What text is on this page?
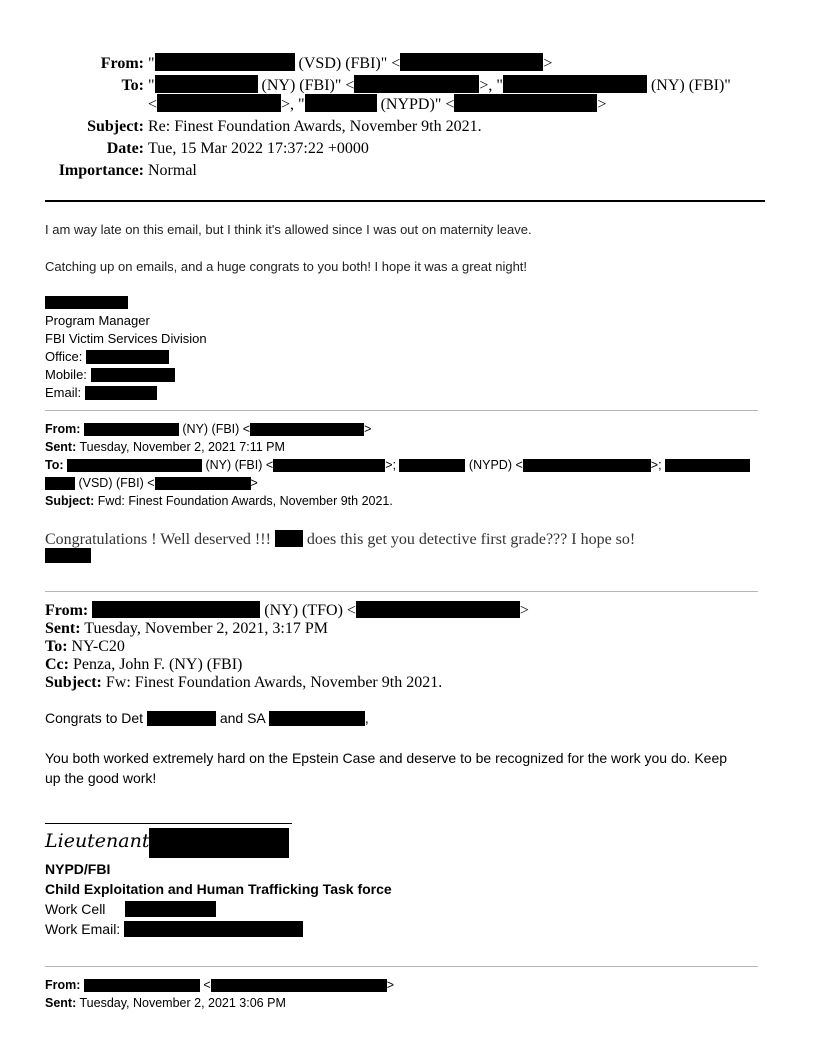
From: "	(VSD) (FBI)" <	>
To: "	(NY) (FBI)" <	>, "	(NY) (FBI)"
<	>, "	(NYPD)" <	>
Subject: Re: Finest Foundation Awards, November 9th 2021.
Date: Tue, 15 Mar 2022 17:37:22 +0000
Importance: Normal
I am way late on this email, but I think it's allowed since I was out on maternity leave.
Catching up on emails, and a huge congrats to you both! I hope it was a great night!
Program Manager
FBI Victim Services Division
Office:
Mobile:
Email:
From:	(NY) (FBI) <	>
Sent: Tuesday, November 2, 2021 7:11 PM
To:	(NY) (FBI) <	>;	(NYPD) <	>;
(VSD) (FBI) <	>
Subject: Fwd: Finest Foundation Awards, November 9th 2021.
Congratulations ! Well deserved !!! does this get you detective first grade??? I hope so!
From:	(NY) (TFO) <	>
Sent: Tuesday, November 2, 2021, 3:17 PM
To: NY-C20
Cc: Penza, John F. (NY) (FBI)
Subject: Fw: Finest Foundation Awards, November 9th 2021.
Congrats to Det	and SA	,
You both worked extremely hard on the Epstein Case and deserve to be recognized for the work you do. Keep
up the good work!
Lieutenant
NYPD/FBI
Child Exploitation and Human Trafficking Task force
Work Cell
Work Email:
From:	<	>
Sent: Tuesday, November 2, 2021 3:06 PM
